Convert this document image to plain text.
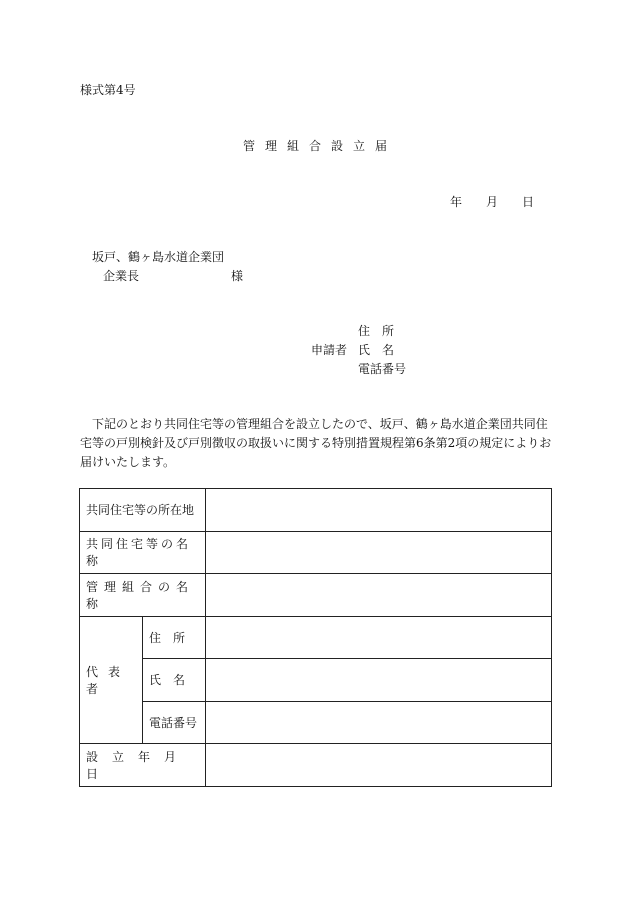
様式第4号
管理組合設立届
年 月 日
坂戸、鶴ヶ島水道企業団
企業長	様
住　所
申請者 氏　名
電話番号
下記のとおり共同住宅等の管理組合を設立したので、坂戸、鶴ヶ島水道企業団共同住宅等の戸別検針及び戸別徴収の取扱いに関する特別措置規程第6条第2項の規定によりお届けいたします。
共同住宅等の所在地		
共同住宅等の名称		
管理組合の名称		
代表者	住　所	
	氏　名	
	電話番号	
設立年月日		
